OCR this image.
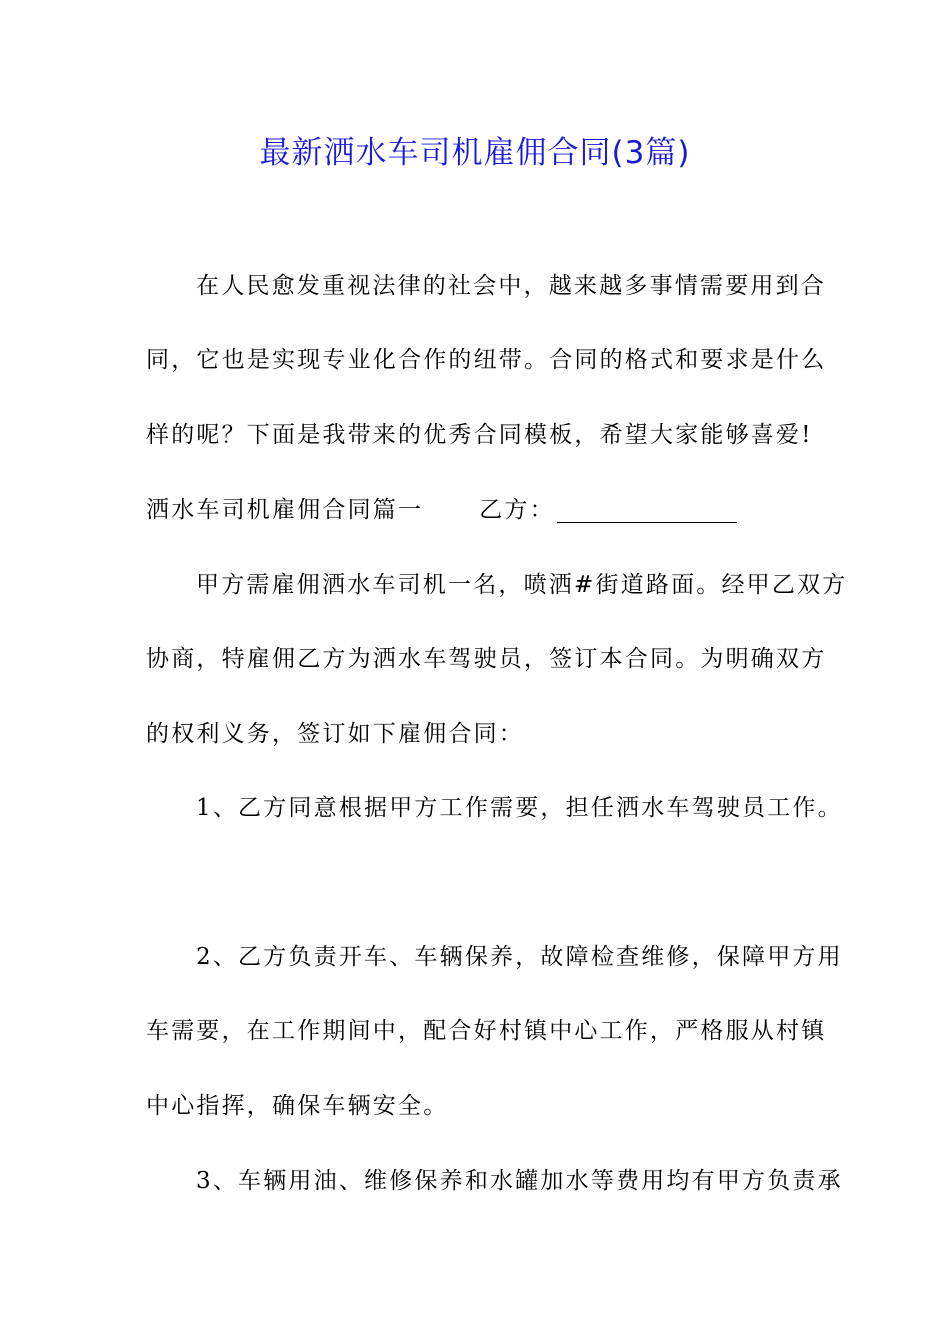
最新洒水车司机雇佣合同(3篇)
在人民愈发重视法律的社会中，越来越多事情需要用到合
同，它也是实现专业化合作的纽带。合同的格式和要求是什么
样的呢？下面是我带来的优秀合同模板，希望大家能够喜爱!
洒水车司机雇佣合同篇一 乙方：
甲方需雇佣洒水车司机一名，喷洒#街道路面。经甲乙双方
协商，特雇佣乙方为洒水车驾驶员，签订本合同。为明确双方
的权利义务，签订如下雇佣合同：
1、乙方同意根据甲方工作需要，担任洒水车驾驶员工作。
2、乙方负责开车、车辆保养，故障检查维修，保障甲方用
车需要，在工作期间中，配合好村镇中心工作，严格服从村镇
中心指挥，确保车辆安全。
3、车辆用油、维修保养和水罐加水等费用均有甲方负责承
